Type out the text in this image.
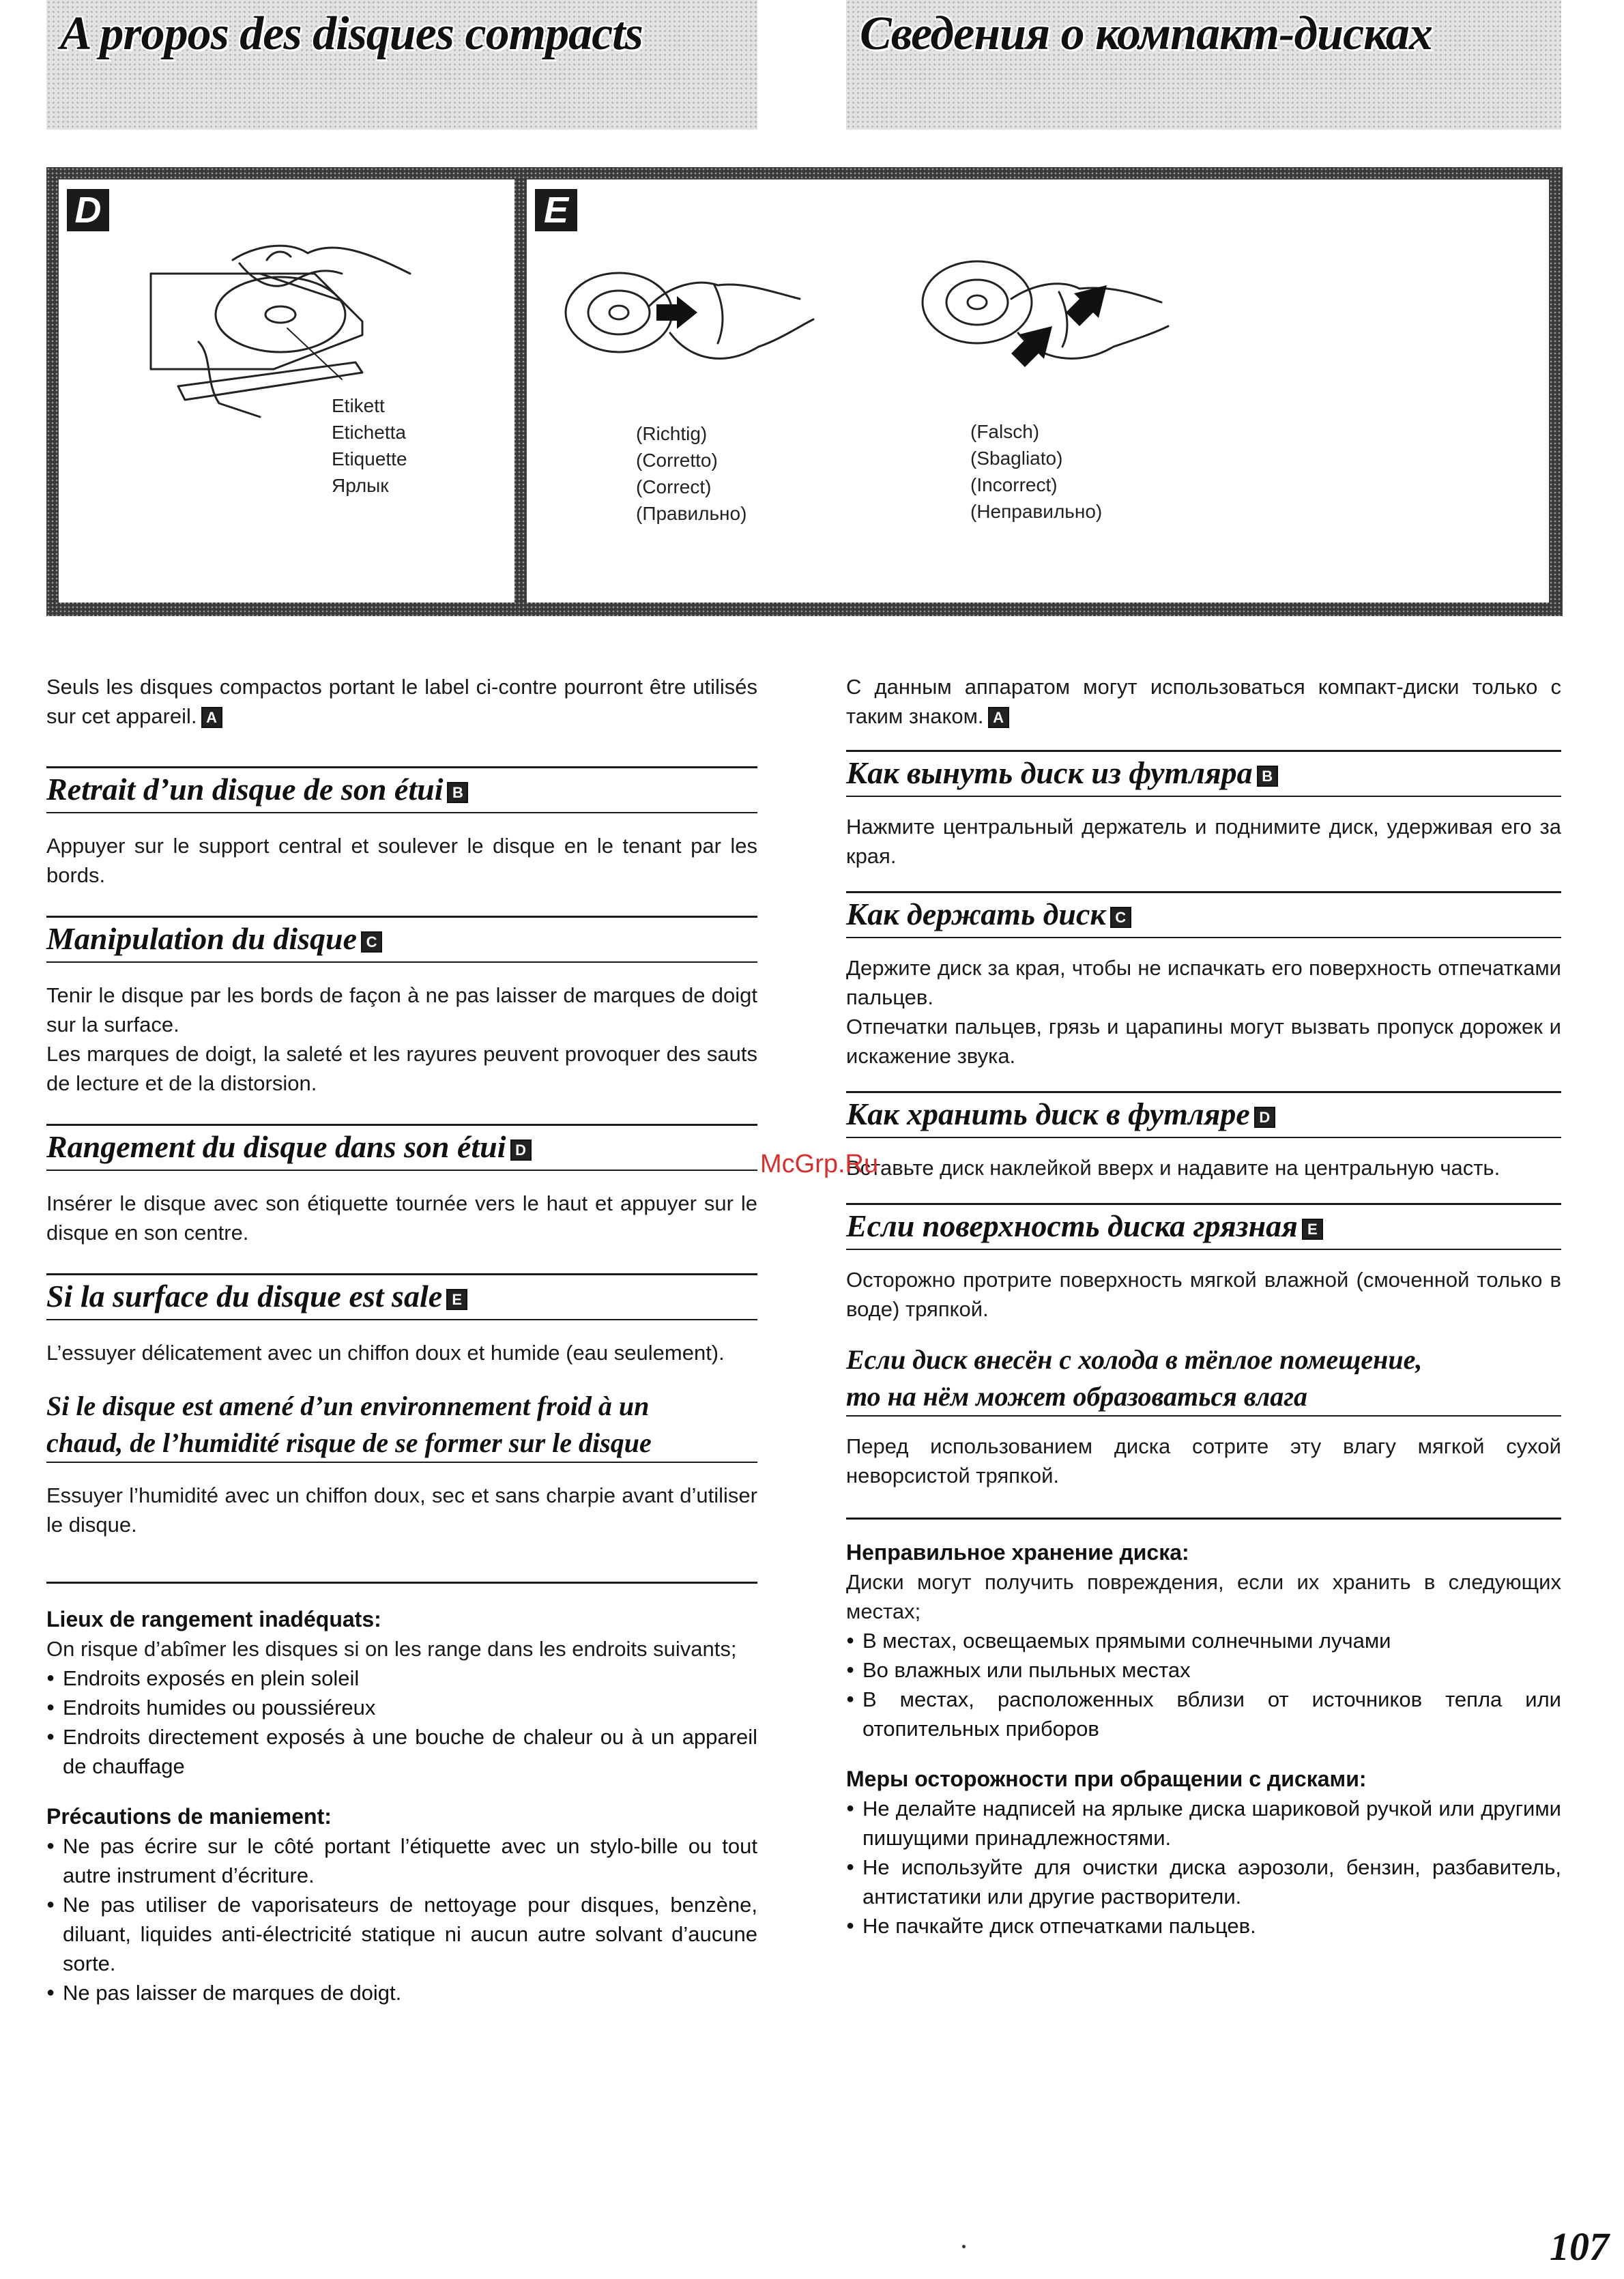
A propos des disques compacts	Сведения о компакт-дисках
D
Etikett
Etichetta
Etiquette
Ярлык
E
(Richtig)
(Corretto)
(Correct)
(Правильно)
(Falsch)
(Sbagliato)
(Incorrect)
(Неправильно)

Seuls les disques compactos portant le label ci-contre pourront être utilisés sur cet appareil. A

Retrait d’un disque de son étui B

Appuyer sur le support central et soulever le disque en le tenant par les bords.

Manipulation du disque C

Tenir le disque par les bords de façon à ne pas laisser de marques de doigt sur la surface.

Les marques de doigt, la saleté et les rayures peuvent provoquer des sauts de lecture et de la distorsion.

Rangement du disque dans son étui D

Insérer le disque avec son étiquette tournée vers le haut et appuyer sur le disque en son centre.

Si la surface du disque est sale E

L’essuyer délicatement avec un chiffon doux et humide (eau seulement).

Si le disque est amené d’un environnement froid à un
chaud, de l’humidité risque de se former sur le disque

Essuyer l’humidité avec un chiffon doux, sec et sans charpie avant d’utiliser le disque.

Lieux de rangement inadéquats:

On risque d’abîmer les disques si on les range dans les endroits suivants;

● Endroits exposés en plein soleil
● Endroits humides ou poussiéreux
● Endroits directement exposés à une bouche de chaleur ou à un appareil de chauffage
Précautions de maniement:
● Ne pas écrire sur le côté portant l’étiquette avec un stylo-bille ou tout autre instrument d’écriture.
● Ne pas utiliser de vaporisateurs de nettoyage pour disques, benzène, diluant, liquides anti-électricité statique ni aucun autre solvant d’aucune sorte.
● Ne pas laisser de marques de doigt.

С данным аппаратом могут использоваться компакт-диски только с таким знаком. A

Как вынуть диск из футляра B

Нажмите центральный держатель и поднимите диск, удерживая его за края.

Как держать диск C

Держите диск за края, чтобы не испачкать его поверхность отпечатками пальцев.

Отпечатки пальцев, грязь и царапины могут вызвать пропуск дорожек и искажение звука.

Как хранить диск в футляре D

Вставьте диск наклейкой вверх и надавите на центральную часть.

Если поверхность диска грязная E

Осторожно протрите поверхность мягкой влажной (смоченной только в воде) тряпкой.

Если диск внесён с холода в тёплое помещение,
то на нём может образоваться влага

Перед использованием диска сотрите эту влагу мягкой сухой неворсистой тряпкой.

Неправильное хранение диска:

Диски могут получить повреждения, если их хранить в следующих местах;

● В местах, освещаемых прямыми солнечными лучами
● Во влажных или пыльных местах
● В местах, расположенных вблизи от источников тепла или отопительных приборов
Меры осторожности при обращении с дисками:
● Не делайте надписей на ярлыке диска шариковой ручкой или другими пишущими принадлежностями.
● Не используйте для очистки диска аэрозоли, бензин, разбавитель, антистатики или другие растворители.
● Не пачкайте диск отпечатками пальцев.
McGrp.Ru
107
